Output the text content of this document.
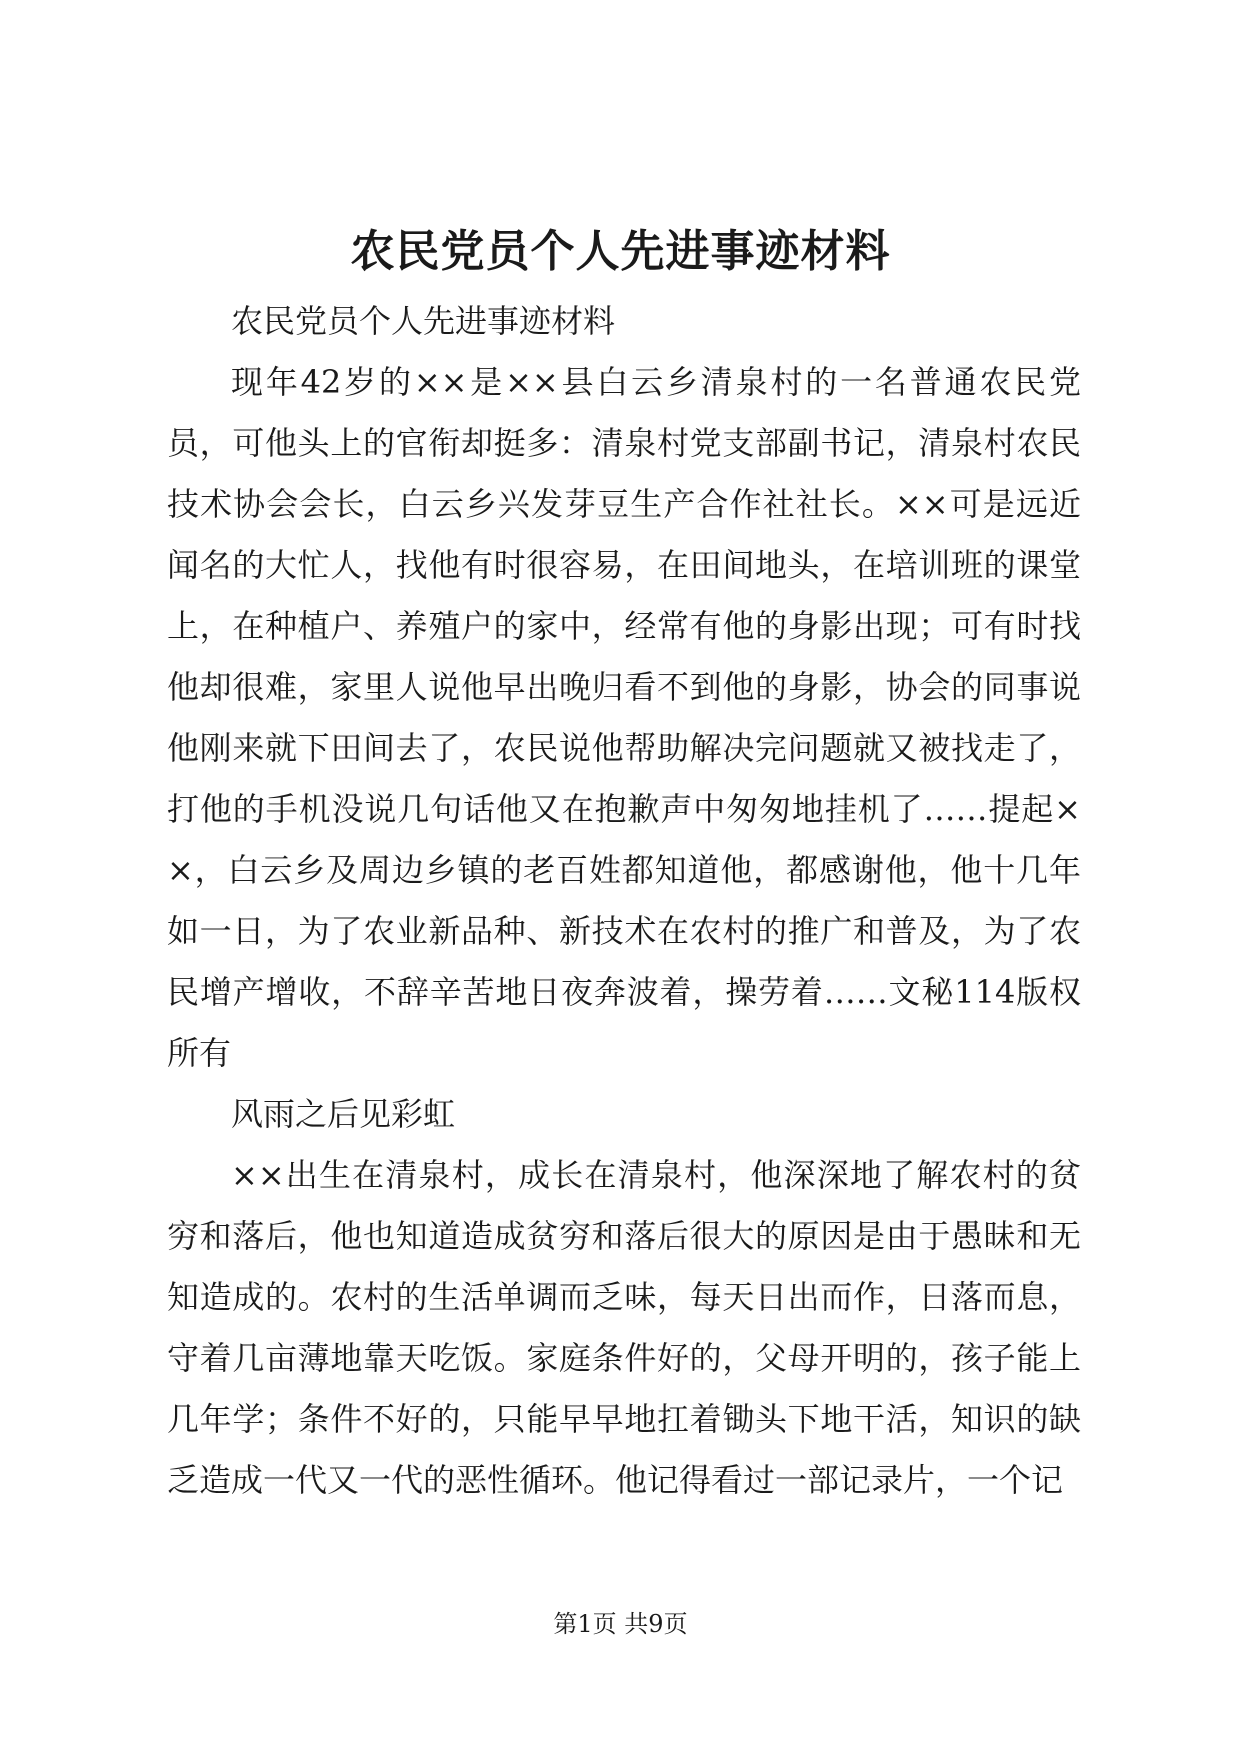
农民党员个人先进事迹材料

农民党员个人先进事迹材料

现年42岁的××是××县白云乡清泉村的一名普通农民党员，可他头上的官衔却挺多：清泉村党支部副书记，清泉村农民技术协会会长，白云乡兴发芽豆生产合作社社长。××可是远近闻名的大忙人，找他有时很容易，在田间地头，在培训班的课堂上，在种植户、养殖户的家中，经常有他的身影出现；可有时找他却很难，家里人说他早出晚归看不到他的身影，协会的同事说他刚来就下田间去了，农民说他帮助解决完问题就又被找走了，打他的手机没说几句话他又在抱歉声中匆匆地挂机了……提起××，白云乡及周边乡镇的老百姓都知道他，都感谢他，他十几年如一日，为了农业新品种、新技术在农村的推广和普及，为了农民增产增收，不辞辛苦地日夜奔波着，操劳着……文秘114版权所有

风雨之后见彩虹

××出生在清泉村，成长在清泉村，他深深地了解农村的贫穷和落后，他也知道造成贫穷和落后很大的原因是由于愚昧和无知造成的。农村的生活单调而乏味，每天日出而作，日落而息，守着几亩薄地靠天吃饭。家庭条件好的，父母开明的，孩子能上几年学；条件不好的，只能早早地扛着锄头下地干活，知识的缺乏造成一代又一代的恶性循环。他记得看过一部记录片，一个记

第1页 共9页
